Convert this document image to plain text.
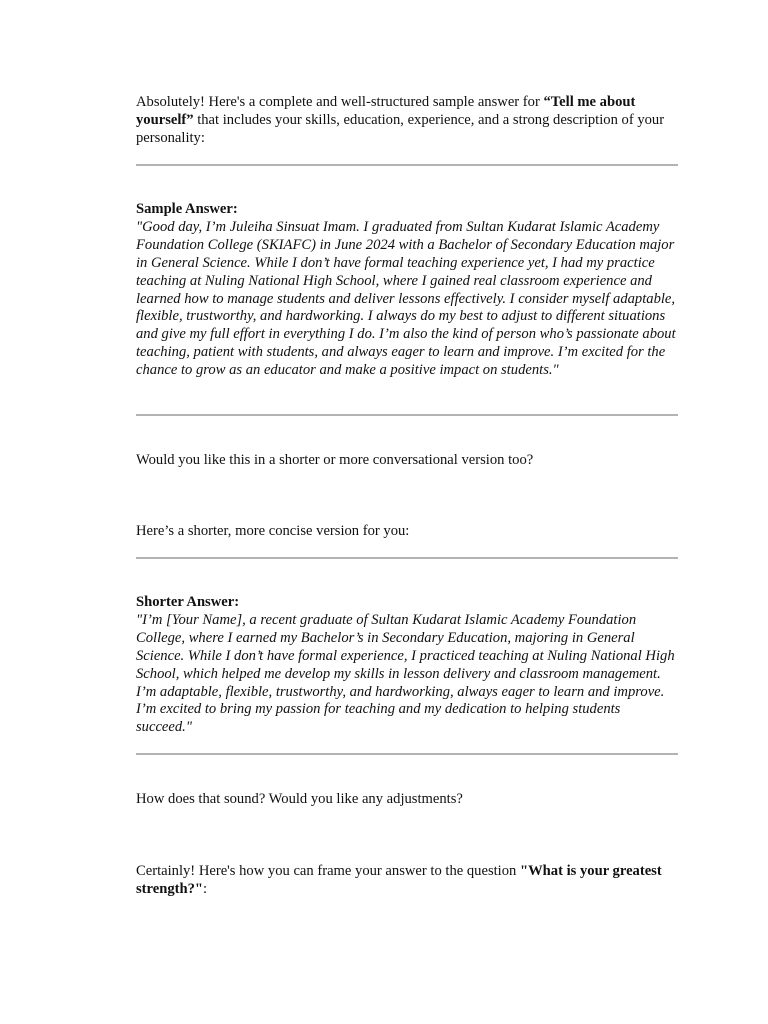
Absolutely! Here's a complete and well-structured sample answer for “Tell me about yourself” that includes your skills, education, experience, and a strong description of your personality:

Sample Answer:
"Good day, I’m Juleiha Sinsuat Imam. I graduated from Sultan Kudarat Islamic Academy Foundation College (SKIAFC) in June 2024 with a Bachelor of Secondary Education major in General Science. While I don’t have formal teaching experience yet, I had my practice teaching at Nuling National High School, where I gained real classroom experience and learned how to manage students and deliver lessons effectively. I consider myself adaptable, flexible, trustworthy, and hardworking. I always do my best to adjust to different situations and give my full effort in everything I do. I’m also the kind of person who’s passionate about teaching, patient with students, and always eager to learn and improve. I’m excited for the chance to grow as an educator and make a positive impact on students."

Would you like this in a shorter or more conversational version too?

Here’s a shorter, more concise version for you:

Shorter Answer:
"I’m [Your Name], a recent graduate of Sultan Kudarat Islamic Academy Foundation College, where I earned my Bachelor’s in Secondary Education, majoring in General Science. While I don’t have formal experience, I practiced teaching at Nuling National High School, which helped me develop my skills in lesson delivery and classroom management. I’m adaptable, flexible, trustworthy, and hardworking, always eager to learn and improve. I’m excited to bring my passion for teaching and my dedication to helping students succeed."

How does that sound? Would you like any adjustments?

Certainly! Here's how you can frame your answer to the question "What is your greatest strength?":
